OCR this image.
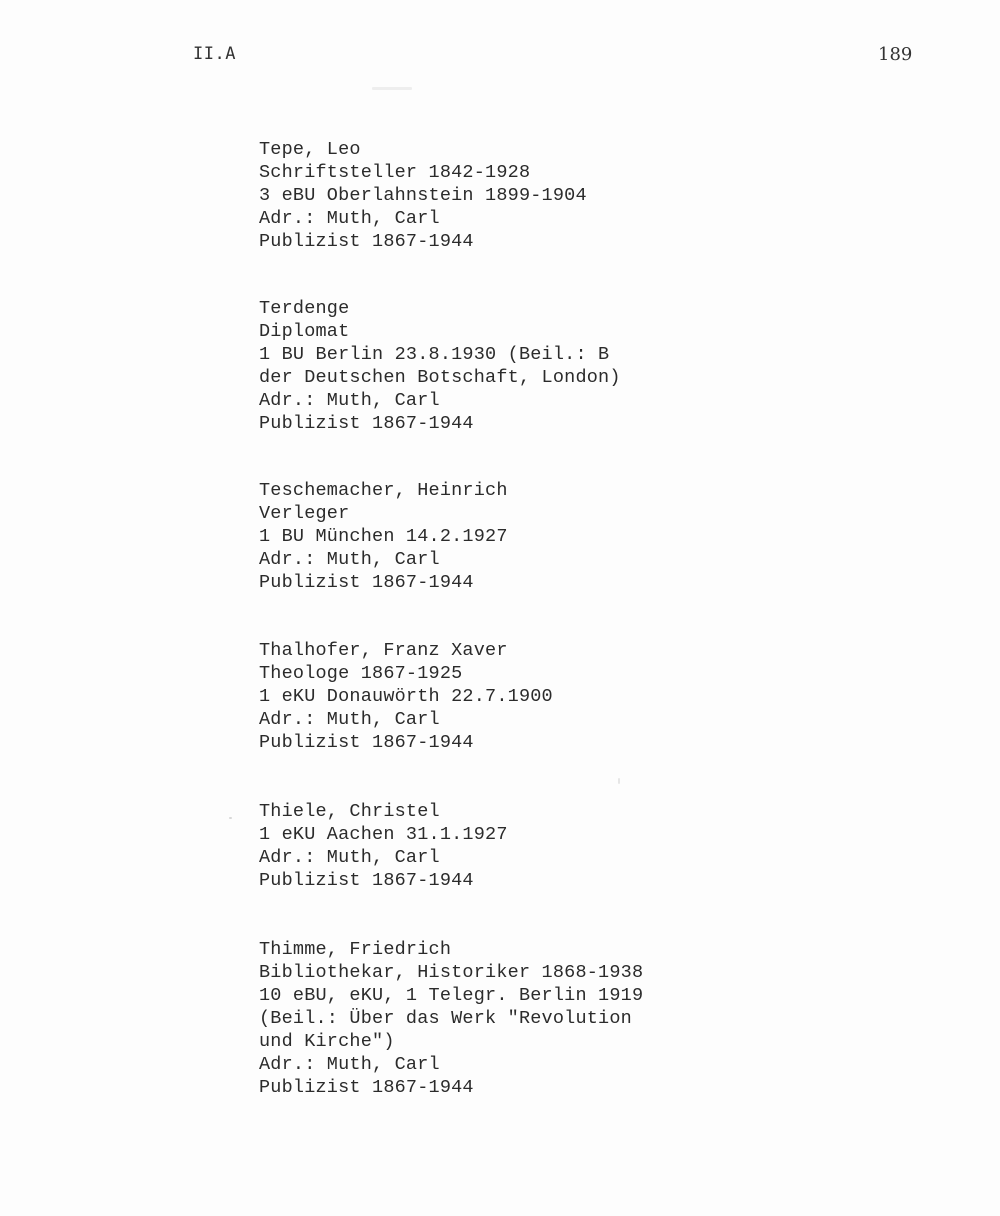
II.A	189
Tepe, Leo
Schriftsteller 1842-1928
3 eBU Oberlahnstein 1899-1904
Adr.: Muth, Carl
Publizist 1867-1944
Terdenge
Diplomat
1 BU Berlin 23.8.1930 (Beil.: B
der Deutschen Botschaft, London)
Adr.: Muth, Carl
Publizist 1867-1944
Teschemacher, Heinrich
Verleger
1 BU München 14.2.1927
Adr.: Muth, Carl
Publizist 1867-1944
Thalhofer, Franz Xaver
Theologe 1867-1925
1 eKU Donauwörth 22.7.1900
Adr.: Muth, Carl
Publizist 1867-1944
Thiele, Christel
1 eKU Aachen 31.1.1927
Adr.: Muth, Carl
Publizist 1867-1944
Thimme, Friedrich
Bibliothekar, Historiker 1868-1938
10 eBU, eKU, 1 Telegr. Berlin 1919
(Beil.: Über das Werk "Revolution
und Kirche")
Adr.: Muth, Carl
Publizist 1867-1944
